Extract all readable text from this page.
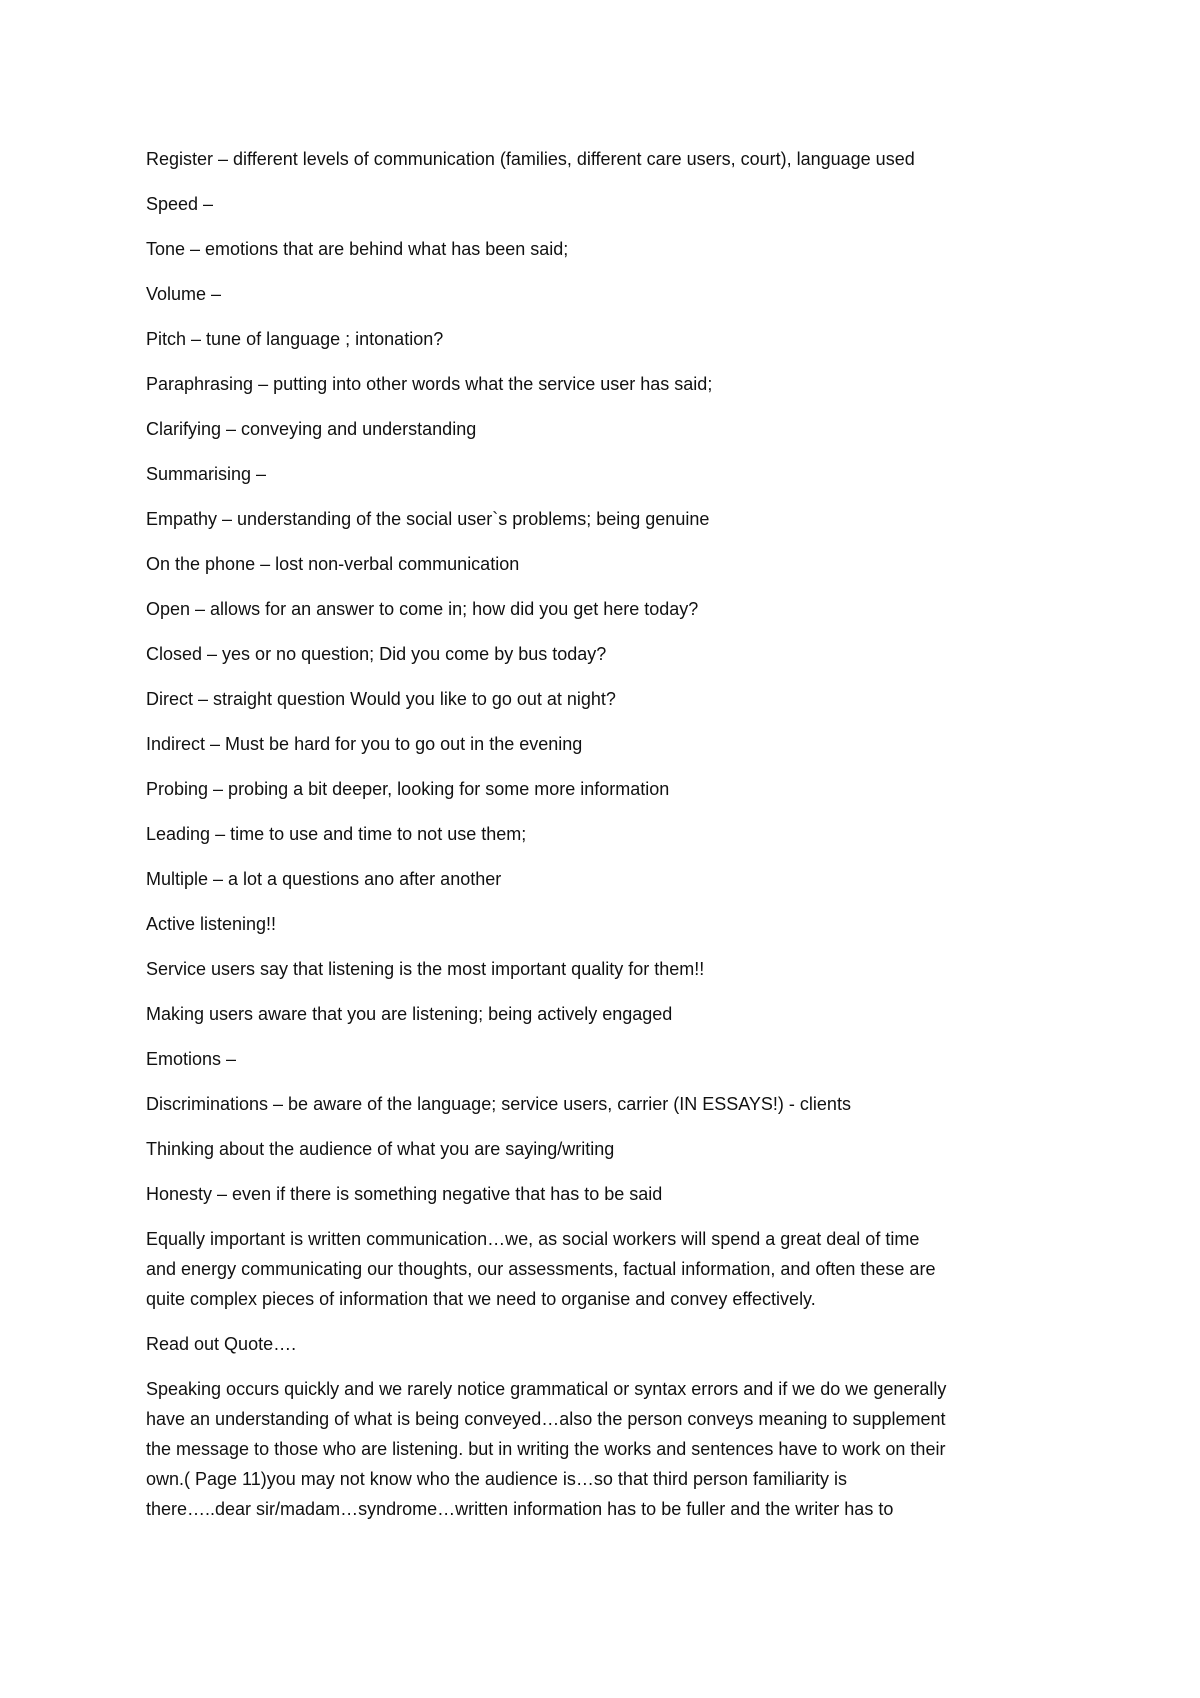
Register – different levels of communication (families, different care users, court), language used

Speed –

Tone – emotions that are behind what has been said;

Volume –

Pitch – tune of language ; intonation?

Paraphrasing – putting into other words what the service user has said;

Clarifying – conveying and understanding

Summarising –

Empathy – understanding of the social user`s problems; being genuine

On the phone – lost non-verbal communication

Open – allows for an answer to come in; how did you get here today?

Closed – yes or no question; Did you come by bus today?

Direct – straight question Would you like to go out at night?

Indirect – Must be hard for you to go out in the evening

Probing – probing a bit deeper, looking for some more information

Leading – time to use and time to not use them;

Multiple – a lot a questions ano after another

Active listening!!

Service users say that listening is the most important quality for them!!

Making users aware that you are listening; being actively engaged

Emotions –

Discriminations – be aware of the language; service users, carrier (IN ESSAYS!) - clients

Thinking about the audience of what you are saying/writing

Honesty – even if there is something negative that has to be said

Equally important is written communication…we, as social workers will spend a great deal of time
and energy communicating our thoughts, our assessments, factual information, and often these are
quite complex pieces of information that we need to organise and convey effectively.

Read out Quote….

Speaking occurs quickly and we rarely notice grammatical or syntax errors and if we do we generally
have an understanding of what is being conveyed…also the person conveys meaning to supplement
the message to those who are listening. but in writing the works and sentences have to work on their
own.( Page 11)you may not know who the audience is…so that third person familiarity is
there…..dear sir/madam…syndrome…written information has to be fuller and the writer has to
